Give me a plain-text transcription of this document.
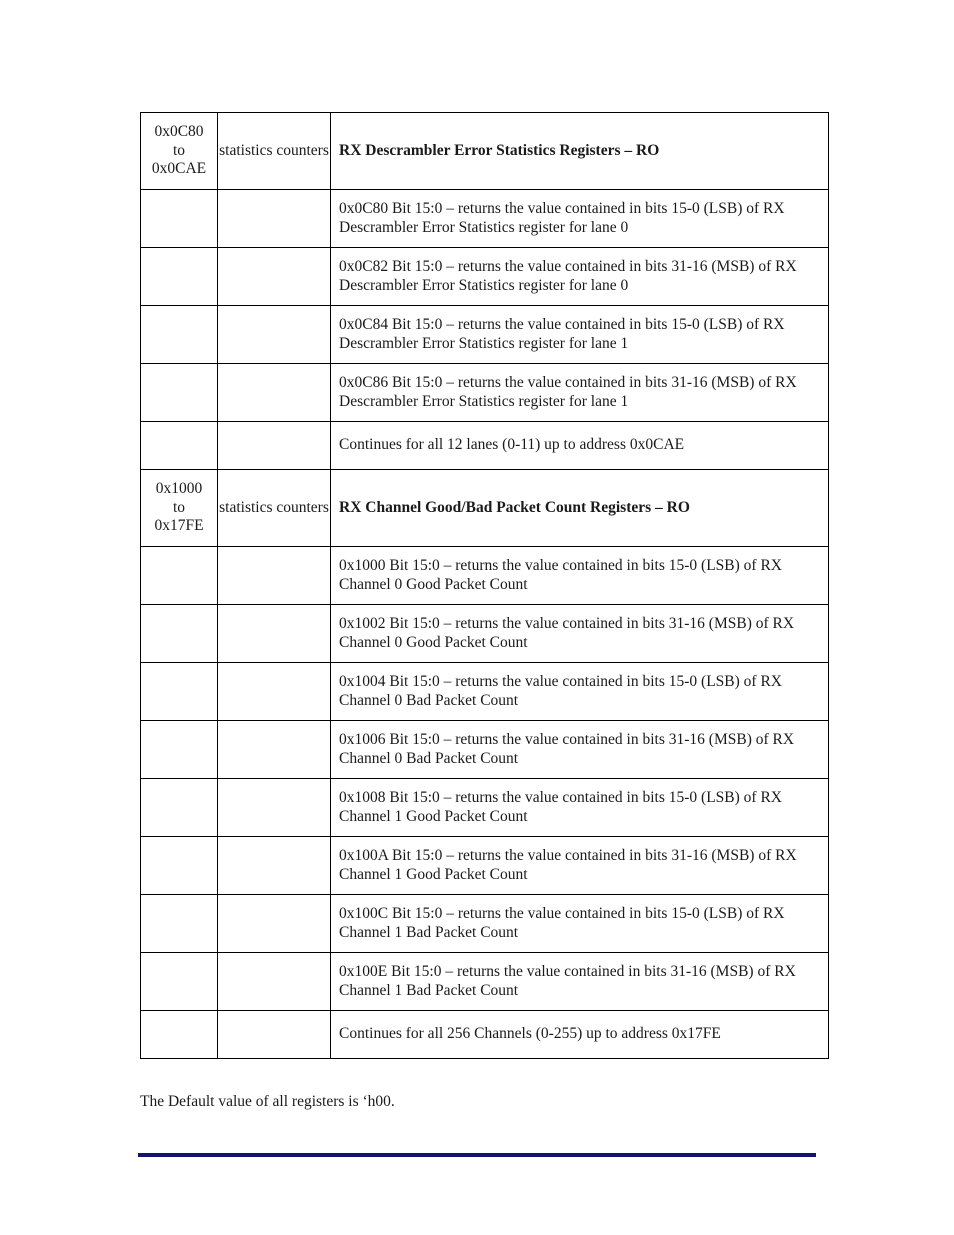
0x0C80
to
0x0CAE	statistics counters	RX Descrambler Error Statistics Registers – RO
		0x0C80 Bit 15:0 – returns the value contained in bits 15-0 (LSB) of RX Descrambler Error Statistics register for lane 0
		0x0C82 Bit 15:0 – returns the value contained in bits 31-16 (MSB) of RX Descrambler Error Statistics register for lane 0
		0x0C84 Bit 15:0 – returns the value contained in bits 15-0 (LSB) of RX Descrambler Error Statistics register for lane 1
		0x0C86 Bit 15:0 – returns the value contained in bits 31-16 (MSB) of RX Descrambler Error Statistics register for lane 1
		Continues for all 12 lanes (0-11) up to address 0x0CAE

0x1000
to
0x17FE	statistics counters	RX Channel Good/Bad Packet Count Registers – RO
		0x1000 Bit 15:0 – returns the value contained in bits 15-0 (LSB) of RX Channel 0 Good Packet Count
		0x1002 Bit 15:0 – returns the value contained in bits 31-16 (MSB) of RX Channel 0 Good Packet Count
		0x1004 Bit 15:0 – returns the value contained in bits 15-0 (LSB) of RX Channel 0 Bad Packet Count
		0x1006 Bit 15:0 – returns the value contained in bits 31-16 (MSB) of RX Channel 0 Bad Packet Count
		0x1008 Bit 15:0 – returns the value contained in bits 15-0 (LSB) of RX Channel 1 Good Packet Count
		0x100A Bit 15:0 – returns the value contained in bits 31-16 (MSB) of RX Channel 1 Good Packet Count
		0x100C Bit 15:0 – returns the value contained in bits 15-0 (LSB) of RX Channel 1 Bad Packet Count
		0x100E Bit 15:0 – returns the value contained in bits 31-16 (MSB) of RX Channel 1 Bad Packet Count
		Continues for all 256 Channels (0-255) up to address 0x17FE
The Default value of all registers is ‘h00.
